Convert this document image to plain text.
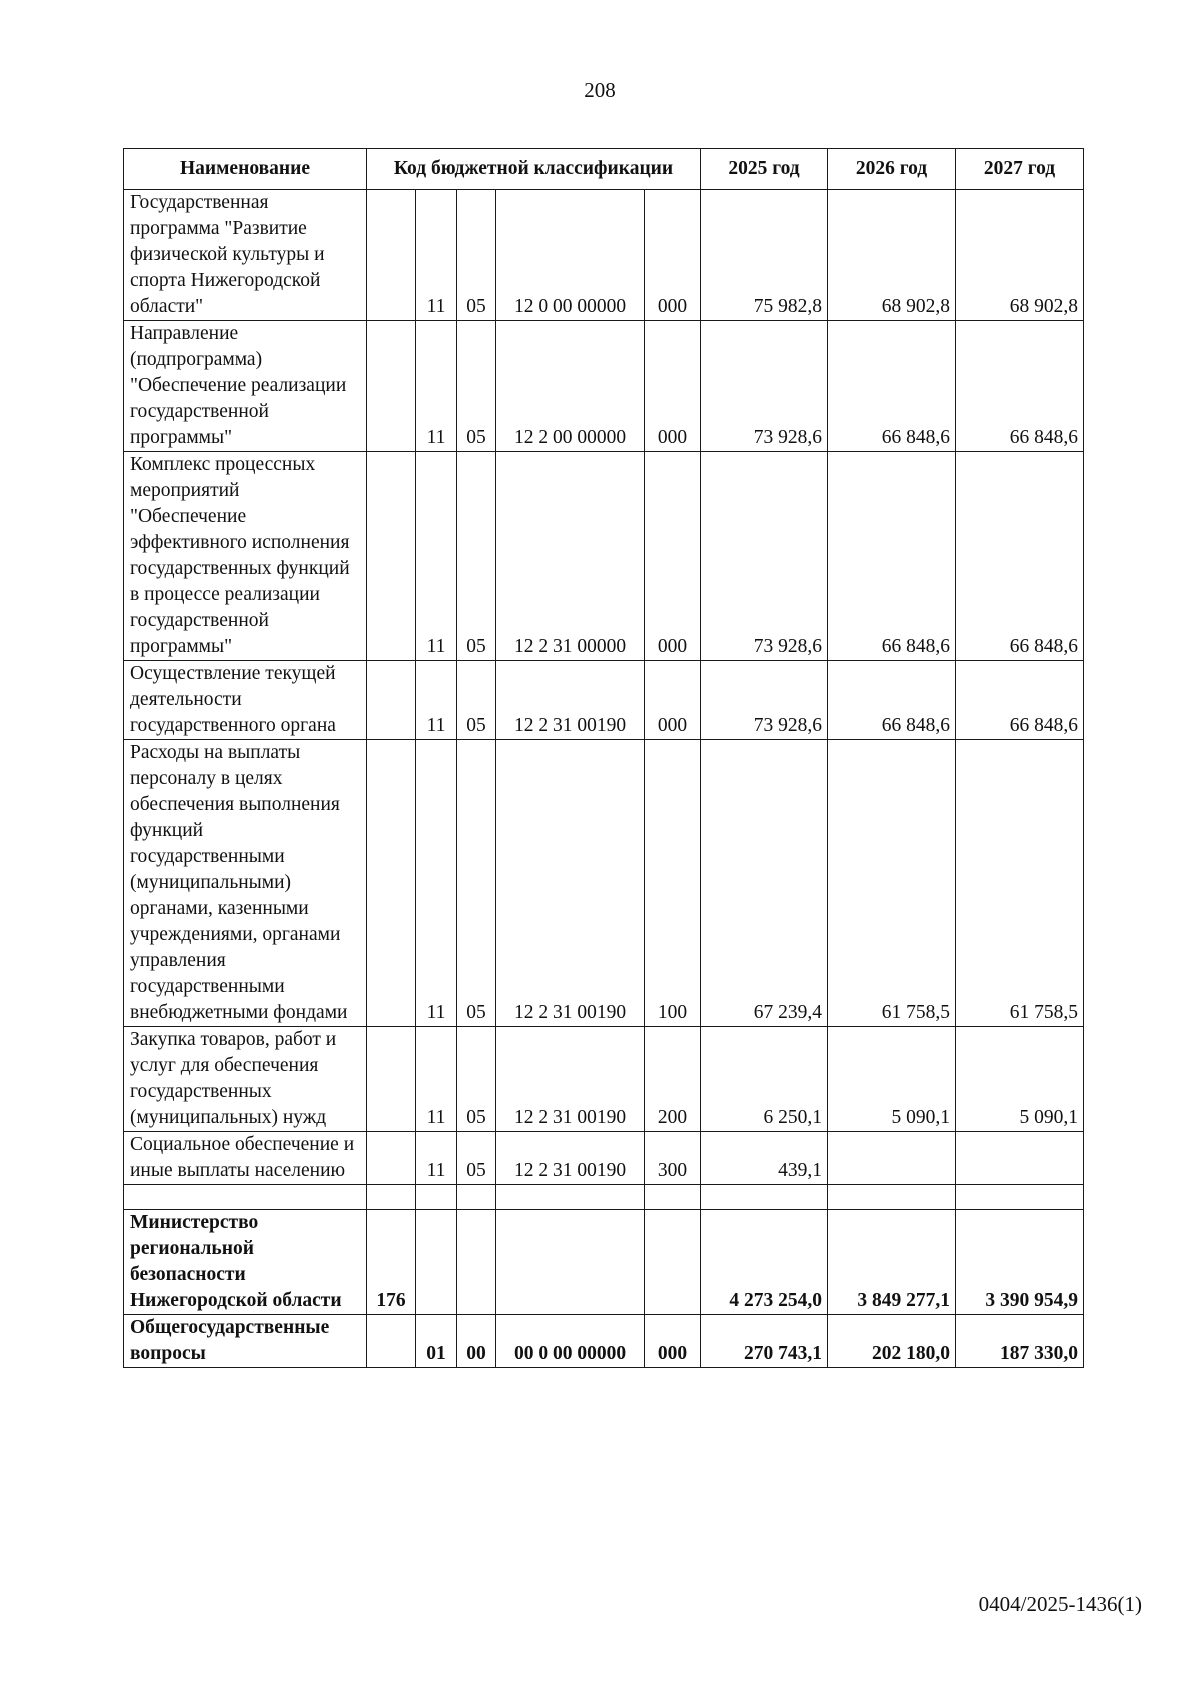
208
Наименование	Код бюджетной классификации					2025 год	2026 год	2027 год
Государственная программа "Развитие физической культуры и спорта Нижегородской области"		11	05	12 0 00 00000	000	75 982,8	68 902,8	68 902,8
Направление (подпрограмма) "Обеспечение реализации государственной программы"		11	05	12 2 00 00000	000	73 928,6	66 848,6	66 848,6
Комплекс процессных мероприятий "Обеспечение эффективного исполнения государственных функций в процессе реализации государственной программы"		11	05	12 2 31 00000	000	73 928,6	66 848,6	66 848,6
Осуществление текущей деятельности государственного органа		11	05	12 2 31 00190	000	73 928,6	66 848,6	66 848,6
Расходы на выплаты персоналу в целях обеспечения выполнения функций государственными (муниципальными) органами, казенными учреждениями, органами управления государственными внебюджетными фондами		11	05	12 2 31 00190	100	67 239,4	61 758,5	61 758,5
Закупка товаров, работ и услуг для обеспечения государственных (муниципальных) нужд		11	05	12 2 31 00190	200	6 250,1	5 090,1	5 090,1
Социальное обеспечение и иные выплаты населению		11	05	12 2 31 00190	300	439,1		

Министерство региональной безопасности Нижегородской области	176					4 273 254,0	3 849 277,1	3 390 954,9
Общегосударственные вопросы		01	00	00 0 00 00000	000	270 743,1	202 180,0	187 330,0
0404/2025-1436(1)
